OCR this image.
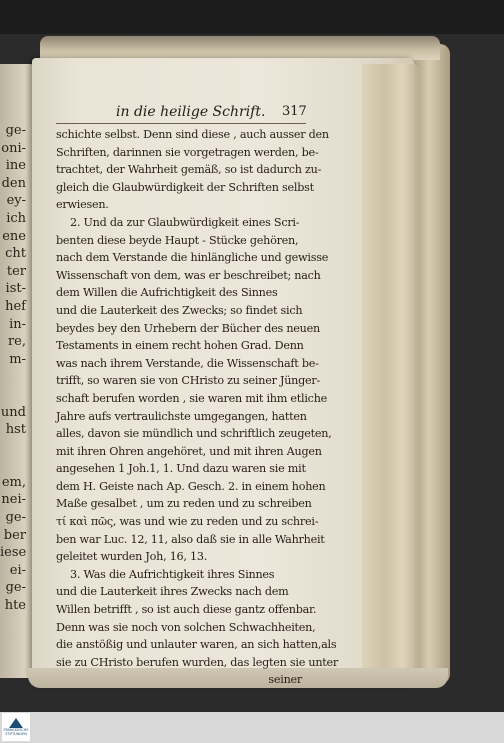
ge-
oni-
ine
den
ey-
ich
ene
cht
ter
ist-
hef
in-
re,
m-
und
hst
em,
nei-
ge-
ber
iese
ei-
ge-
hte
in die heilige Schrift.	317
schichte selbst. Denn sind diese , auch ausser den
Schriften, darinnen sie vorgetragen werden, be-
trachtet, der Wahrheit gemäß, so ist dadurch zu-
gleich die Glaubwürdigkeit der Schriften selbst
erwiesen.
2. Und da zur Glaubwürdigkeit eines Scri-
benten diese beyde Haupt - Stücke gehören,
nach dem Verstande die hinlängliche und gewisse
Wissenschaft von dem, was er beschreibet; nach
dem Willen die Aufrichtigkeit des Sinnes
und die Lauterkeit des Zwecks; so findet sich
beydes bey den Urhebern der Bücher des neuen
Testaments in einem recht hohen Grad. Denn
was nach ihrem Verstande, die Wissenschaft be-
trifft, so waren sie von CHristo zu seiner Jünger-
schaft berufen worden , sie waren mit ihm etliche
Jahre aufs vertraulichste umgegangen, hatten
alles, davon sie mündlich und schriftlich zeugeten,
mit ihren Ohren angehöret, und mit ihren Augen
angesehen 1 Joh.1, 1. Und dazu waren sie mit
dem H. Geiste nach Ap. Gesch. 2. in einem hohen
Maße gesalbet , um zu reden und zu schreiben
τί καὶ πῶς, was und wie zu reden und zu schrei-
ben war Luc. 12, 11, also daß sie in alle Wahrheit
geleitet wurden Joh, 16, 13.
3. Was die Aufrichtigkeit ihres Sinnes
und die Lauterkeit ihres Zwecks nach dem
Willen betrifft , so ist auch diese gantz offenbar.
Denn was sie noch von solchen Schwachheiten,
die anstößig und unlauter waren, an sich hatten,als
sie zu CHristo berufen wurden, das legten sie unter
seiner
FRANCKESCHE STIFTUNGEN
